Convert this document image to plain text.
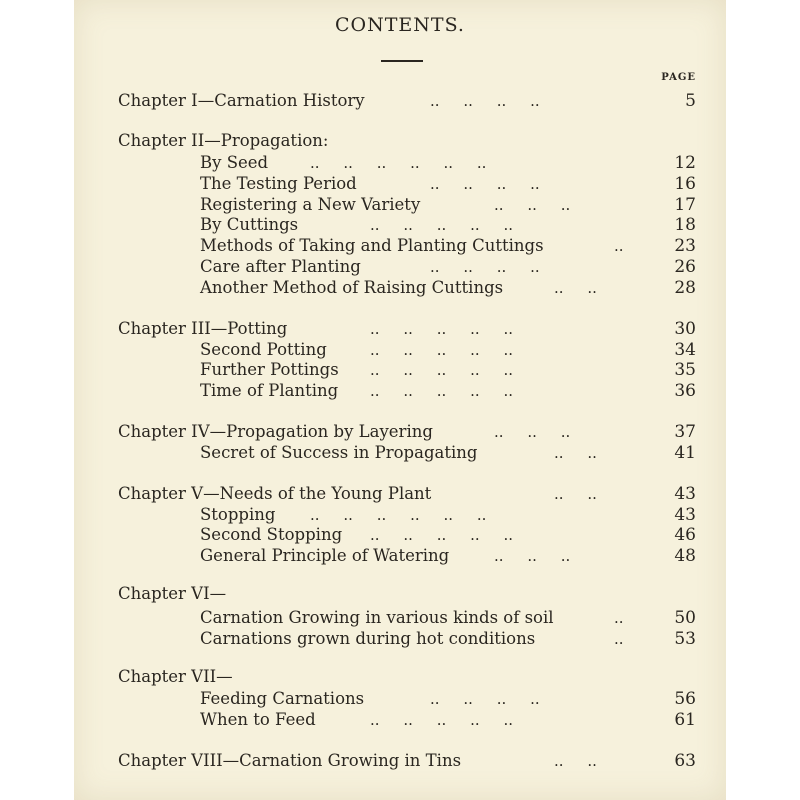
CONTENTS.
PAGE
Chapter I—Carnation History	..     ..     ..     ..	5
Chapter II—Propagation:
By Seed	..     ..     ..     ..     ..     ..	12
The Testing Period	..     ..     ..     ..	16
Registering a New Variety	..     ..     ..	17
By Cuttings	..     ..     ..     ..     ..	18
Methods of Taking and Planting Cuttings	..	23
Care after Planting	..     ..     ..     ..	26
Another Method of Raising Cuttings	..     ..	28
Chapter III—Potting	..     ..     ..     ..     ..	30
Second Potting	..     ..     ..     ..     ..	34
Further Pottings ..     ..     ..     ..     ..	35
Time of Planting ..     ..     ..     ..     ..	36
Chapter IV—Propagation by Layering	..     ..     ..	37
Secret of Success in Propagating	..     ..	41
Chapter V—Needs of the Young Plant	..     ..	43
Stopping ..     ..     ..     ..     ..     ..	43
Second Stopping ..     ..     ..     ..     ..	46
General Principle of Watering	..     ..     ..	48
Chapter VI—
Carnation Growing in various kinds of soil	..	50
Carnations grown during hot conditions	..	53
Chapter VII—
Feeding Carnations	..     ..     ..     ..	56
When to Feed	..     ..     ..     ..     ..	61
Chapter VIII—Carnation Growing in Tins	..     ..	63
